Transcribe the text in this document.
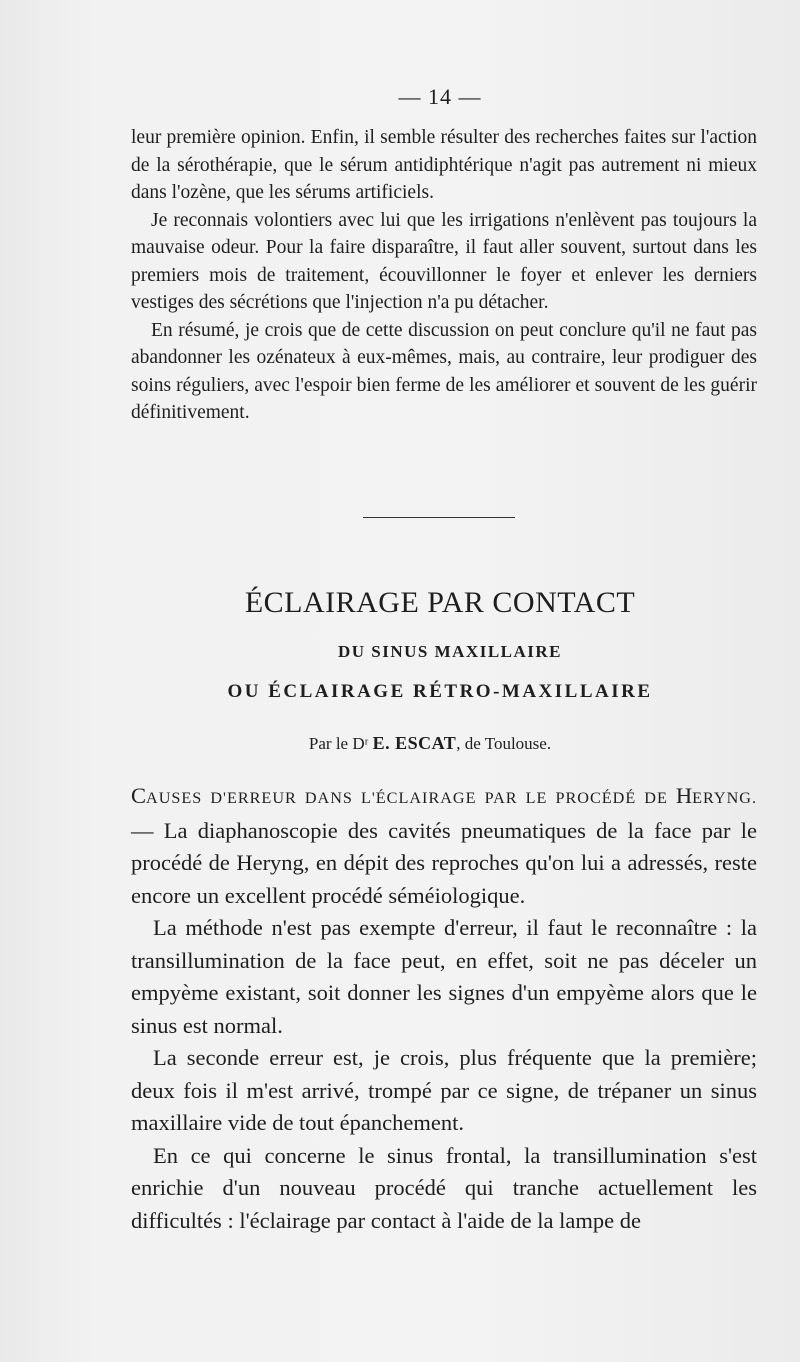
— 14 —

leur première opinion. Enfin, il semble résulter des recherches faites sur l'action de la sérothérapie, que le sérum antidiphtérique n'agit pas autrement ni mieux dans l'ozène, que les sérums artificiels.

Je reconnais volontiers avec lui que les irrigations n'enlèvent pas toujours la mauvaise odeur. Pour la faire disparaître, il faut aller souvent, surtout dans les premiers mois de traitement, écouvillonner le foyer et enlever les derniers vestiges des sécrétions que l'injection n'a pu détacher.

En résumé, je crois que de cette discussion on peut conclure qu'il ne faut pas abandonner les ozénateux à eux-mêmes, mais, au contraire, leur prodiguer des soins réguliers, avec l'espoir bien ferme de les améliorer et souvent de les guérir définitivement.

ÉCLAIRAGE PAR CONTACT
DU SINUS MAXILLAIRE
OU ÉCLAIRAGE RÉTRO-MAXILLAIRE
Par le Dʳ E. ESCAT, de Toulouse.

CAUSES D'ERREUR DANS L'ÉCLAIRAGE PAR LE PROCÉDÉ DE HERYNG. — La diaphanoscopie des cavités pneumatiques de la face par le procédé de Heryng, en dépit des reproches qu'on lui a adressés, reste encore un excellent procédé séméiologique.

La méthode n'est pas exempte d'erreur, il faut le reconnaître : la transillumination de la face peut, en effet, soit ne pas déceler un empyème existant, soit donner les signes d'un empyème alors que le sinus est normal.

La seconde erreur est, je crois, plus fréquente que la première; deux fois il m'est arrivé, trompé par ce signe, de trépaner un sinus maxillaire vide de tout épanchement.

En ce qui concerne le sinus frontal, la transillumination s'est enrichie d'un nouveau procédé qui tranche actuellement les difficultés : l'éclairage par contact à l'aide de la lampe de
